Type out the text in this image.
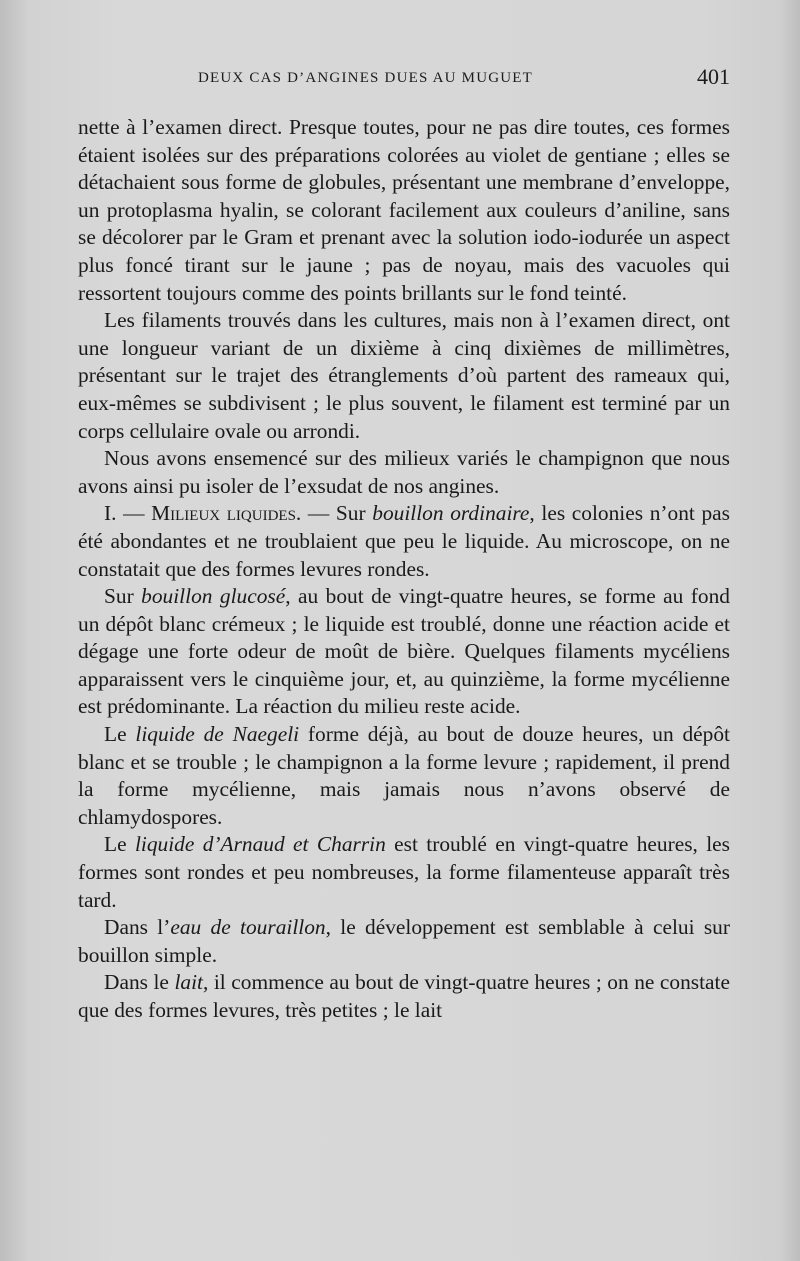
DEUX CAS D’ANGINES DUES AU MUGUET	401

nette à l’examen direct. Presque toutes, pour ne pas dire toutes, ces formes étaient isolées sur des préparations colorées au violet de gentiane ; elles se détachaient sous forme de globules, présentant une membrane d’enveloppe, un protoplasma hyalin, se colorant facilement aux couleurs d’aniline, sans se décolorer par le Gram et prenant avec la solution iodo-iodurée un aspect plus foncé tirant sur le jaune ; pas de noyau, mais des vacuoles qui ressortent toujours comme des points brillants sur le fond teinté.

Les filaments trouvés dans les cultures, mais non à l’examen direct, ont une longueur variant de un dixième à cinq dixièmes de millimètres, présentant sur le trajet des étranglements d’où partent des rameaux qui, eux-mêmes se subdivisent ; le plus souvent, le filament est terminé par un corps cellulaire ovale ou arrondi.

Nous avons ensemencé sur des milieux variés le champignon que nous avons ainsi pu isoler de l’exsudat de nos angines.

I. — Milieux liquides. — Sur bouillon ordinaire, les colonies n’ont pas été abondantes et ne troublaient que peu le liquide. Au microscope, on ne constatait que des formes levures rondes.

Sur bouillon glucosé, au bout de vingt-quatre heures, se forme au fond un dépôt blanc crémeux ; le liquide est troublé, donne une réaction acide et dégage une forte odeur de moût de bière. Quelques filaments mycéliens apparaissent vers le cinquième jour, et, au quinzième, la forme mycélienne est prédominante. La réaction du milieu reste acide.

Le liquide de Naegeli forme déjà, au bout de douze heures, un dépôt blanc et se trouble ; le champignon a la forme levure ; rapidement, il prend la forme mycélienne, mais jamais nous n’avons observé de chlamydospores.

Le liquide d’Arnaud et Charrin est troublé en vingt-quatre heures, les formes sont rondes et peu nombreuses, la forme filamenteuse apparaît très tard.

Dans l’eau de touraillon, le développement est semblable à celui sur bouillon simple.

Dans le lait, il commence au bout de vingt-quatre heures ; on ne constate que des formes levures, très petites ; le lait
